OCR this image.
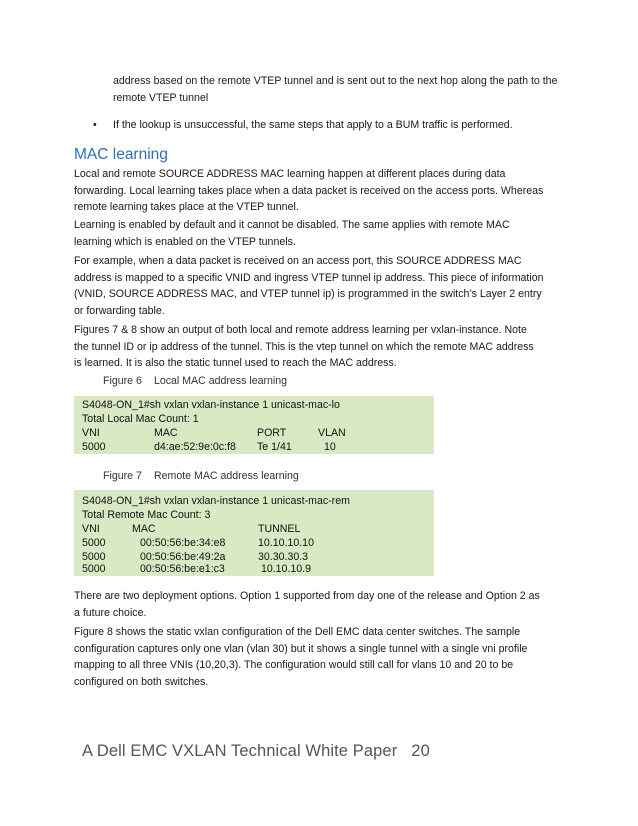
address based on the remote VTEP tunnel and is sent out to the next hop along the path to the remote VTEP tunnel

• If the lookup is unsuccessful, the same steps that apply to a BUM traffic is performed.
MAC learning

Local and remote SOURCE ADDRESS MAC learning happen at different places during data forwarding. Local learning takes place when a data packet is received on the access ports. Whereas remote learning takes place at the VTEP tunnel.

Learning is enabled by default and it cannot be disabled. The same applies with remote MAC learning which is enabled on the VTEP tunnels.

For example, when a data packet is received on an access port, this SOURCE ADDRESS MAC address is mapped to a specific VNID and ingress VTEP tunnel ip address. This piece of information (VNID, SOURCE ADDRESS MAC, and VTEP tunnel ip) is programmed in the switch’s Layer 2 entry or forwarding table.

Figures 7 & 8 show an output of both local and remote address learning per vxlan-instance. Note the tunnel ID or ip address of the tunnel. This is the vtep tunnel on which the remote MAC address is learned. It is also the static tunnel used to reach the MAC address.

Figure 6 Local MAC address learning
S4048-ON_1#sh vxlan vxlan-instance 1 unicast-mac-lo
Total Local Mac Count: 1
VNI	MAC	PORT	VLAN
5000	d4:ae:52:9e:0c:f8 Te 1/41	10
Figure 7 Remote MAC address learning
S4048-ON_1#sh vxlan vxlan-instance 1 unicast-mac-rem
Total Remote Mac Count: 3
VNI	MAC	TUNNEL
5000	00:50:56:be:34:e8	10.10.10.10
5000	00:50:56:be:49:2a	30.30.30.3
5000	00:50:56:be:e1:c3	10.10.10.9

There are two deployment options. Option 1 supported from day one of the release and Option 2 as a future choice.

Figure 8 shows the static vxlan configuration of the Dell EMC data center switches. The sample configuration captures only one vlan (vlan 30) but it shows a single tunnel with a single vni profile mapping to all three VNIs (10,20,3). The configuration would still call for vlans 10 and 20 to be configured on both switches.

A Dell EMC VXLAN Technical White Paper 20
